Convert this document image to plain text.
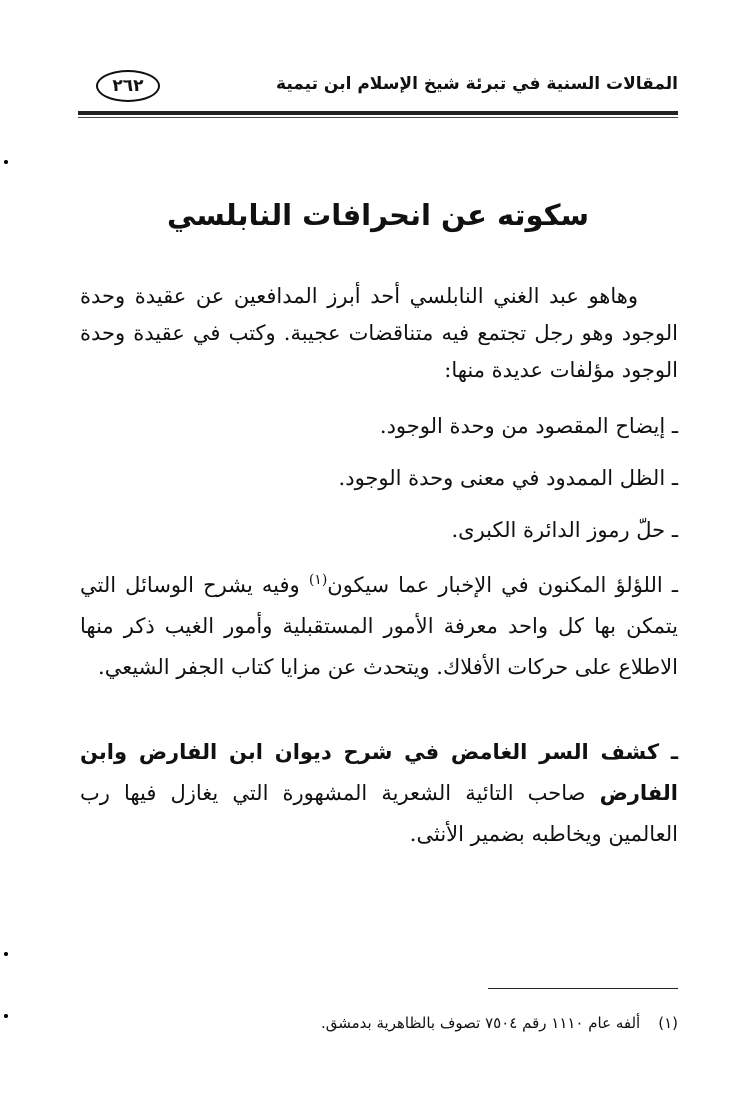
٢٦٢	المقالات السنية في تبرئة شيخ الإسلام ابن تيمية
سكوته عن انحرافات النابلسي
وهاهو عبد الغني النابلسي أحد أبرز المدافعين عن عقيدة وحدة الوجود وهو رجل تجتمع فيه متناقضات عجيبة. وكتب في عقيدة وحدة الوجود مؤلفات عديدة منها:
ـ إيضاح المقصود من وحدة الوجود.
ـ الظل الممدود في معنى وحدة الوجود.
ـ حلّ رموز الدائرة الكبرى.
ـ اللؤلؤ المكنون في الإخبار عما سيكون$^{(١)}$ وفيه يشرح الوسائل التي يتمكن بها كل واحد معرفة الأمور المستقبلية وأمور الغيب ذكر منها الاطلاع على حركات الأفلاك. ويتحدث عن مزايا كتاب الجفر الشيعي.
ـ كشف السر الغامض في شرح ديوان ابن الفارض وابن الفارض صاحب التائية الشعرية المشهورة التي يغازل فيها رب العالمين ويخاطبه بضمير الأنثى.
(١)ألفه عام ١١١٠ رقم ٧٥٠٤ تصوف بالظاهرية بدمشق.
